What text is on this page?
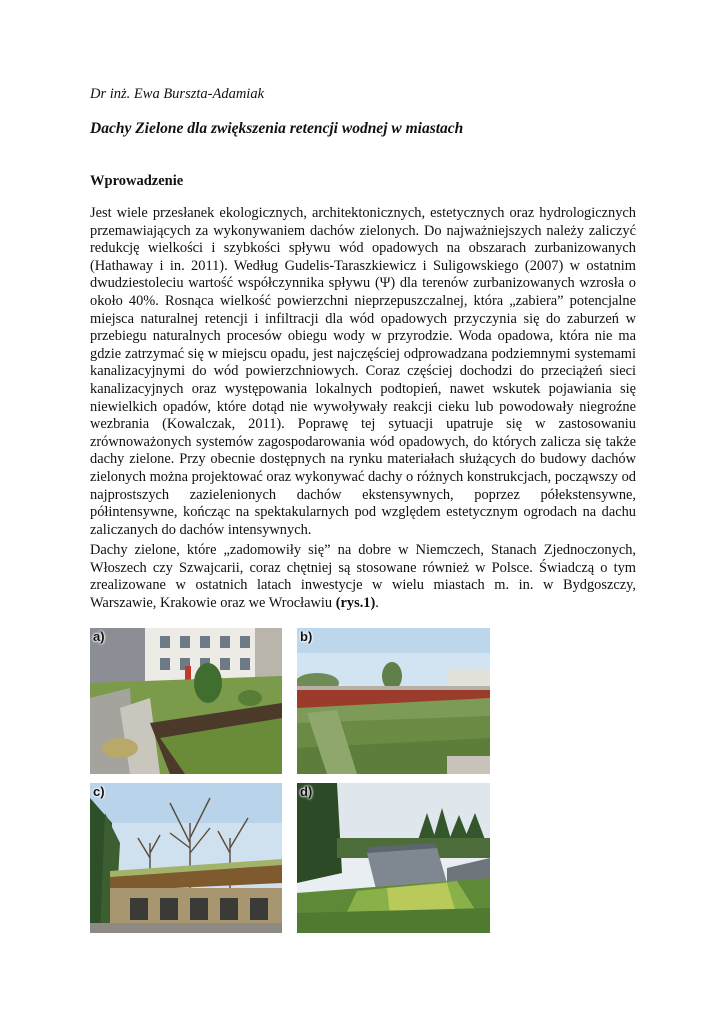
Dr inż. Ewa Burszta-Adamiak
Dachy Zielone dla zwiększenia retencji wodnej w miastach
Wprowadzenie

Jest wiele przesłanek ekologicznych, architektonicznych, estetycznych oraz hydrologicznych przemawiających za wykonywaniem dachów zielonych. Do najważniejszych należy zaliczyć redukcję wielkości i szybkości spływu wód opadowych na obszarach zurbanizowanych (Hathaway i in. 2011). Według Gudelis-Taraszkiewicz i Suligowskiego (2007) w ostatnim dwudziestoleciu wartość współczynnika spływu (Ψ) dla terenów zurbanizowanych wzrosła o około 40%. Rosnąca wielkość powierzchni nieprzepuszczalnej, która „zabiera” potencjalne miejsca naturalnej retencji i infiltracji dla wód opadowych przyczynia się do zaburzeń w przebiegu naturalnych procesów obiegu wody w przyrodzie. Woda opadowa, która nie ma gdzie zatrzymać się w miejscu opadu, jest najczęściej odprowadzana podziemnymi systemami kanalizacyjnymi do wód powierzchniowych. Coraz częściej dochodzi do przeciążeń sieci kanalizacyjnych oraz występowania lokalnych podtopień, nawet wskutek pojawiania się niewielkich opadów, które dotąd nie wywoływały reakcji cieku lub powodowały niegroźne wezbrania (Kowalczak, 2011). Poprawę tej sytuacji upatruje się w zastosowaniu zrównoważonych systemów zagospodarowania wód opadowych, do których zalicza się także dachy zielone. Przy obecnie dostępnych na rynku materiałach służących do budowy dachów zielonych można projektować oraz wykonywać dachy o różnych konstrukcjach, począwszy od najprostszych zazielenionych dachów ekstensywnych, poprzez półekstensywne, półintensywne, kończąc na spektakularnych pod względem estetycznym ogrodach na dachu zaliczanych do dachów intensywnych.

Dachy zielone, które „zadomowiły się” na dobre w Niemczech, Stanach Zjednoczonych, Włoszech czy Szwajcarii, coraz chętniej są stosowane również w Polsce. Świadczą o tym zrealizowane w ostatnich latach inwestycje w wielu miastach m. in. w Bydgoszczy, Warszawie, Krakowie oraz we Wrocławiu (rys.1).

a)	b)
c)	d)
